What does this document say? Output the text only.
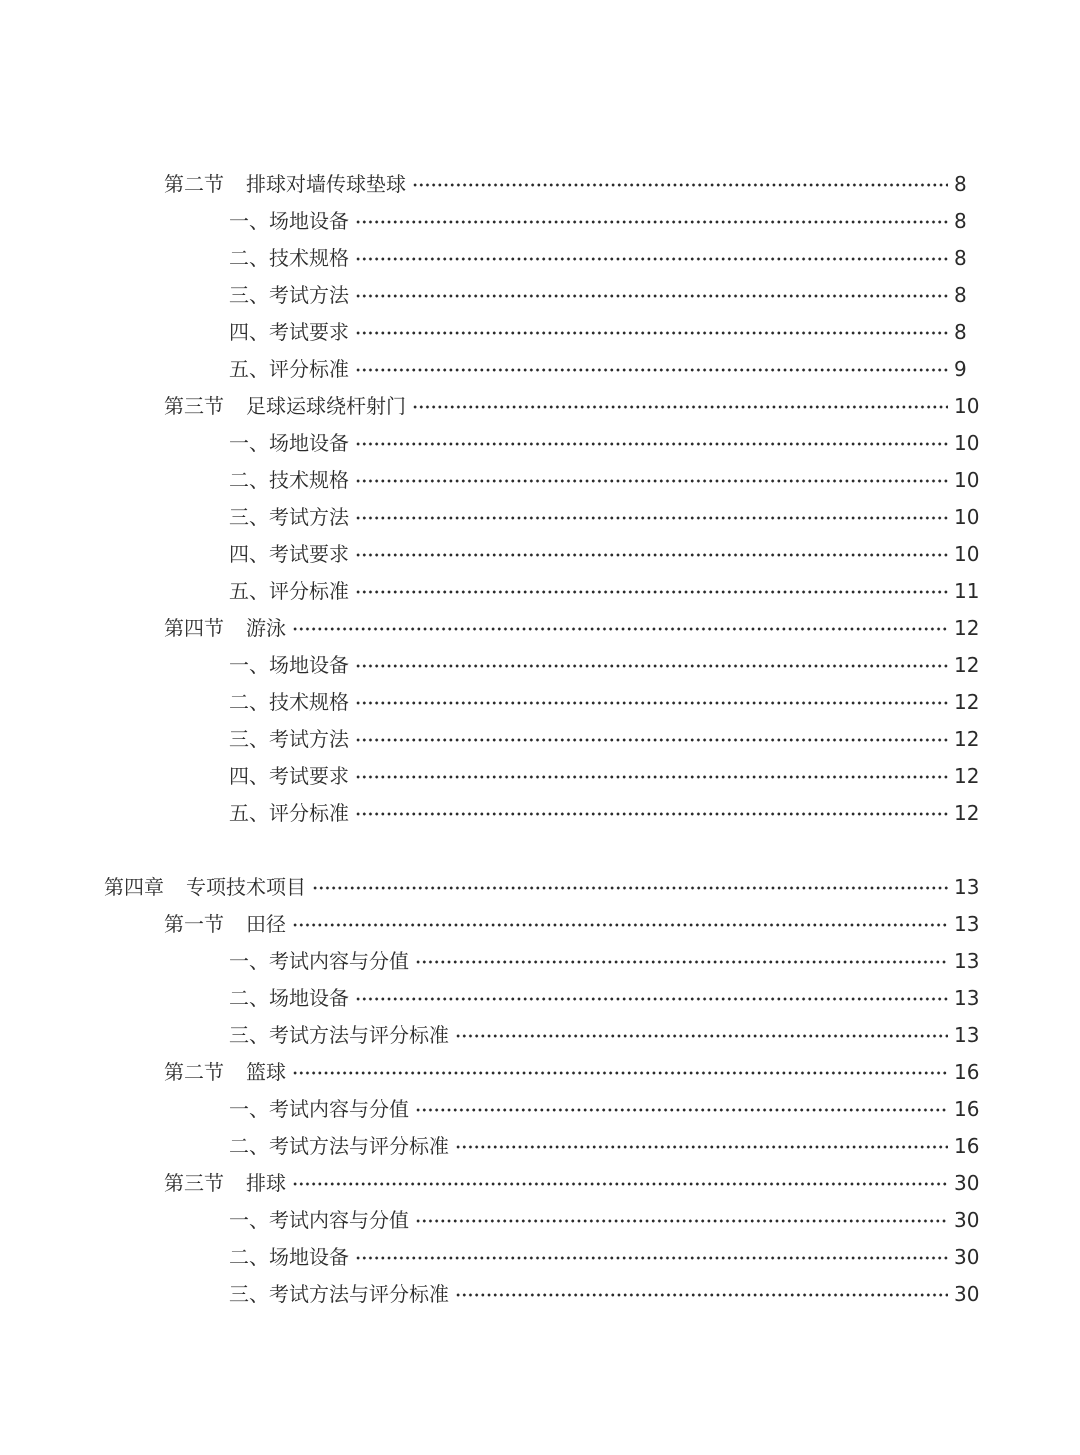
第二节 排球对墙传球垫球	8
一、场地设备	8
二、技术规格	8
三、考试方法	8
四、考试要求	8
五、评分标准	9
第三节 足球运球绕杆射门	10
一、场地设备	10
二、技术规格	10
三、考试方法	10
四、考试要求	10
五、评分标准	11
第四节 游泳	12
一、场地设备	12
二、技术规格	12
三、考试方法	12
四、考试要求	12
五、评分标准	12
第四章 专项技术项目	13
第一节 田径	13
一、考试内容与分值	13
二、场地设备	13
三、考试方法与评分标准	13
第二节 篮球	16
一、考试内容与分值	16
二、考试方法与评分标准	16
第三节 排球	30
一、考试内容与分值	30
二、场地设备	30
三、考试方法与评分标准	30
